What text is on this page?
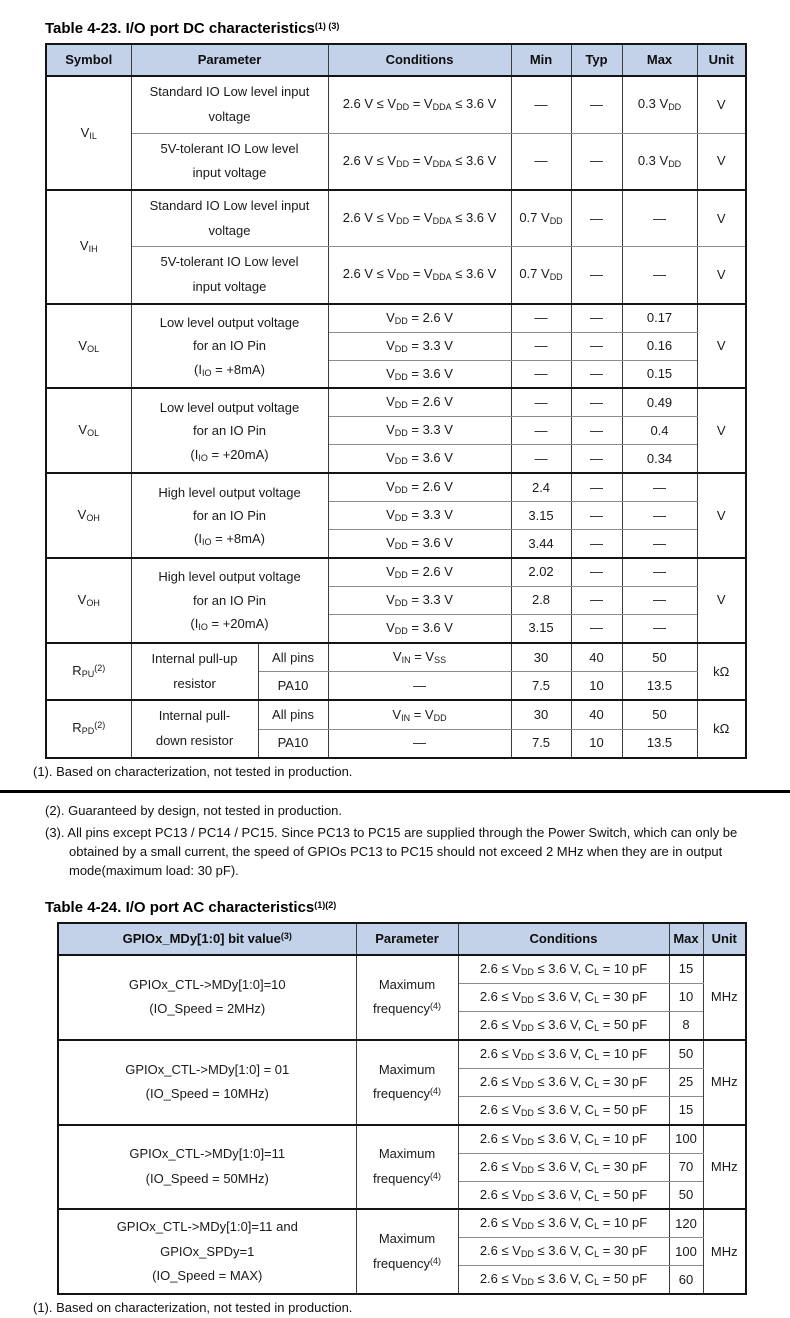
Table 4-23. I/O port DC characteristics$^{(1) (3)}$
Symbol	Parameter		Conditions	Min	Typ	Max	Unit
$V_{IL}$	Standard IO Low level input
voltage		2.6 $V \le V_{DD} = V_{DDA} \le 3.6$ V	—	—	0.3 $V_{DD}$	V
	5V-tolerant IO Low level
input voltage		2.6 $V \le V_{DD} = V_{DDA} \le 3.6$ V	—	—	0.3 $V_{DD}$	V
$V_{IH}$	Standard IO Low level input
voltage		2.6 $V \le V_{DD} = V_{DDA} \le 3.6$ V	0.7 $V_{DD}$	—	—	V
	5V-tolerant IO Low level
input voltage		2.6 $V \le V_{DD} = V_{DDA} \le 3.6$ V	0.7 $V_{DD}$	—	—	V
$V_{OL}$	Low level output voltage
for an IO Pin
$(I_{IO} = +8mA)$		$V_{DD} = 2.6$ V	—	—	0.17	V
			$V_{DD} = 3.3$ V	—	—	0.16	
			$V_{DD} = 3.6$ V	—	—	0.15	
$V_{OL}$	Low level output voltage
for an IO Pin
$(I_{IO} = +20mA)$		$V_{DD} = 2.6$ V	—	—	0.49	V
			$V_{DD} = 3.3$ V	—	—	0.4	
			$V_{DD} = 3.6$ V	—	—	0.34	
$V_{OH}$	High level output voltage
for an IO Pin
$(I_{IO} = +8mA)$		$V_{DD} = 2.6$ V	2.4	—	—	V
			$V_{DD} = 3.3$ V	3.15	—	—	
			$V_{DD} = 3.6$ V	3.44	—	—	
$V_{OH}$	High level output voltage
for an IO Pin
$(I_{IO} = +20mA)$		$V_{DD} = 2.6$ V	2.02	—	—	V
			$V_{DD} = 3.3$ V	2.8	—	—	
			$V_{DD} = 3.6$ V	3.15	—	—	
$R_{PU}^{(2)}$	Internal pull-up
resistor	All pins	$V_{IN} = V_{SS}$	30	40	50	kΩ
		PA10	—	7.5	10	13.5	
$R_{PD}^{(2)}$	Internal pull-
down resistor	All pins	$V_{IN} = V_{DD}$	30	40	50	kΩ
		PA10	—	7.5	10	13.5	
(1). Based on characterization, not tested in production.
(2). Guaranteed by design, not tested in production.
(3). All pins except PC13 / PC14 / PC15. Since PC13 to PC15 are supplied through the Power Switch, which can only be obtained by a small current, the speed of GPIOs PC13 to PC15 should not exceed 2 MHz when they are in output mode(maximum load: 30 pF).
Table 4-24. I/O port AC characteristics$^{(1)(2)}$
GPIOx_MDy[1:0] bit value$^{(3)}$	Parameter	Conditions	Max	Unit
GPIOx_CTL->MDy[1:0]=10
(IO_Speed = 2MHz)	Maximum
frequency$^{(4)}$	$2.6 \le V_{DD} \le 3.6$ V, $C_L = 10$ pF	15	MHz
		$2.6 \le V_{DD} \le 3.6$ V, $C_L = 30$ pF	10	
		$2.6 \le V_{DD} \le 3.6$ V, $C_L = 50$ pF	8	
GPIOx_CTL->MDy[1:0] = 01
(IO_Speed = 10MHz)	Maximum
frequency$^{(4)}$	$2.6 \le V_{DD} \le 3.6$ V, $C_L = 10$ pF	50	MHz
		$2.6 \le V_{DD} \le 3.6$ V, $C_L = 30$ pF	25	
		$2.6 \le V_{DD} \le 3.6$ V, $C_L = 50$ pF	15	
GPIOx_CTL->MDy[1:0]=11
(IO_Speed = 50MHz)	Maximum
frequency$^{(4)}$	$2.6 \le V_{DD} \le 3.6$ V, $C_L = 10$ pF	100	MHz
		$2.6 \le V_{DD} \le 3.6$ V, $C_L = 30$ pF	70	
		$2.6 \le V_{DD} \le 3.6$ V, $C_L = 50$ pF	50	
GPIOx_CTL->MDy[1:0]=11 and
GPIOx_SPDy=1
(IO_Speed = MAX)	Maximum
frequency$^{(4)}$	$2.6 \le V_{DD} \le 3.6$ V, $C_L = 10$ pF	120	MHz
		$2.6 \le V_{DD} \le 3.6$ V, $C_L = 30$ pF	100	
		$2.6 \le V_{DD} \le 3.6$ V, $C_L = 50$ pF	60	
(1). Based on characterization, not tested in production.
